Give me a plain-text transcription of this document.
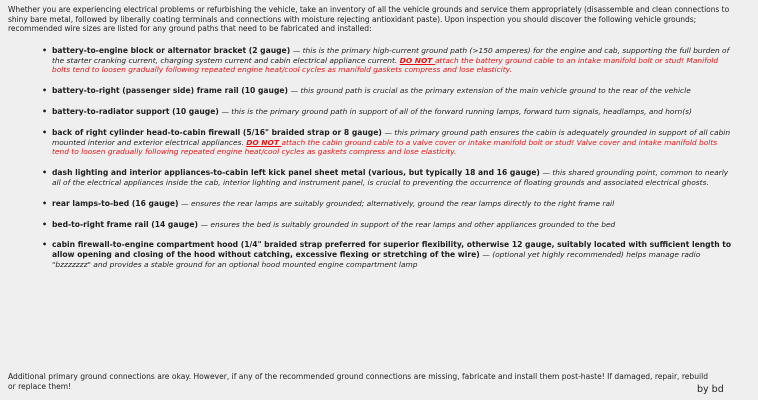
Whether you are experiencing electrical problems or refurbishing the vehicle, take an inventory of all the vehicle grounds and service them appropriately (disassemble and clean connections to shiny bare metal, followed by liberally coating terminals and connections with moisture rejecting antioxidant paste). Upon inspection you should discover the following vehicle grounds; recommended wire sizes are listed for any ground paths that need to be fabricated and installed:

• battery-to-engine block or alternator bracket (2 gauge) — this is the primary high-current ground path (>150 amperes) for the engine and cab, supporting the full burden of the starter cranking current, charging system current and cabin electrical appliance current. DO NOT attach the battery ground cable to an intake manifold bolt or stud! Manifold bolts tend to loosen gradually following repeated engine heat/cool cycles as manifold gaskets compress and lose elasticity.
• battery-to-right (passenger side) frame rail (10 gauge) — this ground path is crucial as the primary extension of the main vehicle ground to the rear of the vehicle
• battery-to-radiator support (10 gauge) — this is the primary ground path in support of all of the forward running lamps, forward turn signals, headlamps, and horn(s)
• back of right cylinder head-to-cabin firewall (5/16" braided strap or 8 gauge) — this primary ground path ensures the cabin is adequately grounded in support of all cabin mounted interior and exterior electrical appliances. DO NOT attach the cabin ground cable to a valve cover or intake manifold bolt or stud! Valve cover and intake manifold bolts tend to loosen gradually following repeated engine heat/cool cycles as gaskets compress and lose elasticity.
• dash lighting and interior appliances-to-cabin left kick panel sheet metal (various, but typically 18 and 16 gauge) — this shared grounding point, common to nearly all of the electrical appliances inside the cab, interior lighting and instrument panel, is crucial to preventing the occurrence of floating grounds and associated electrical ghosts.
• rear lamps-to-bed (16 gauge) — ensures the rear lamps are suitably grounded; alternatively, ground the rear lamps directly to the right frame rail
• bed-to-right frame rail (14 gauge) — ensures the bed is suitably grounded in support of the rear lamps and other appliances grounded to the bed
• cabin firewall-to-engine compartment hood (1/4" braided strap preferred for superior flexibility, otherwise 12 gauge, suitably located with sufficient length to allow opening and closing of the hood without catching, excessive flexing or stretching of the wire) — (optional yet highly recommended) helps manage radio "bzzzzzzz" and provides a stable ground for an optional hood mounted engine compartment lamp

Additional primary ground connections are okay. However, if any of the recommended ground connections are missing, fabricate and install them post-haste! If damaged, repair, rebuild or replace them!	by bd
